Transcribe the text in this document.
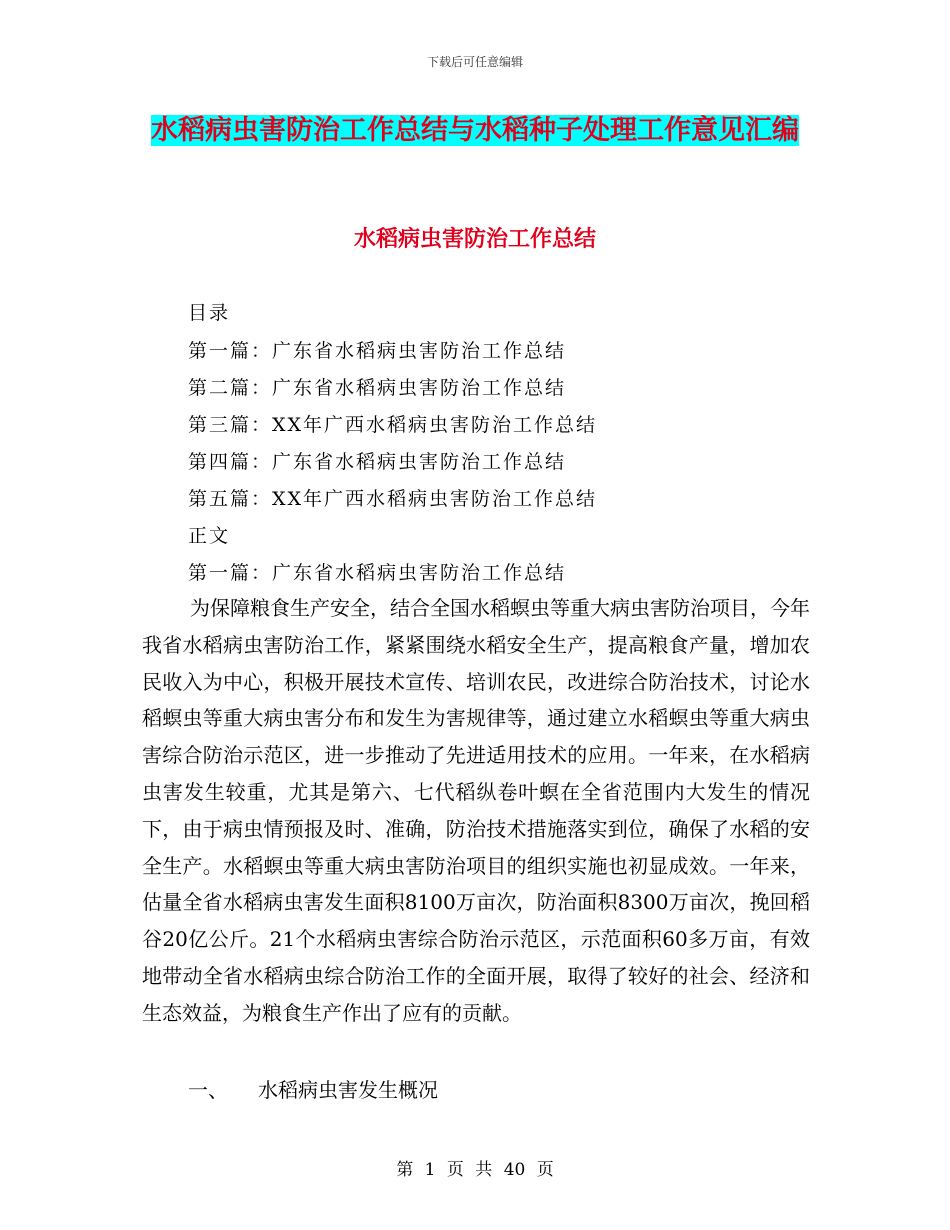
下载后可任意编辑
水稻病虫害防治工作总结与水稻种子处理工作意见汇编
水稻病虫害防治工作总结

目录

第一篇：广东省水稻病虫害防治工作总结

第二篇：广东省水稻病虫害防治工作总结

第三篇：XX年广西水稻病虫害防治工作总结

第四篇：广东省水稻病虫害防治工作总结

第五篇：XX年广西水稻病虫害防治工作总结

正文

第一篇：广东省水稻病虫害防治工作总结

为保障粮食生产安全，结合全国水稻螟虫等重大病虫害防治项目，今年我省水稻病虫害防治工作，紧紧围绕水稻安全生产，提高粮食产量，增加农民收入为中心，积极开展技术宣传、培训农民，改进综合防治技术，讨论水稻螟虫等重大病虫害分布和发生为害规律等，通过建立水稻螟虫等重大病虫害综合防治示范区，进一步推动了先进适用技术的应用。一年来，在水稻病虫害发生较重，尤其是第六、七代稻纵卷叶螟在全省范围内大发生的情况下，由于病虫情预报及时、准确，防治技术措施落实到位，确保了水稻的安全生产。水稻螟虫等重大病虫害防治项目的组织实施也初显成效。一年来，估量全省水稻病虫害发生面积8100万亩次，防治面积8300万亩次，挽回稻谷20亿公斤。21个水稻病虫害综合防治示范区，示范面积60多万亩，有效地带动全省水稻病虫综合防治工作的全面开展，取得了较好的社会、经济和生态效益，为粮食生产作出了应有的贡献。

一、 水稻病虫害发生概况

第 1 页 共 40 页
